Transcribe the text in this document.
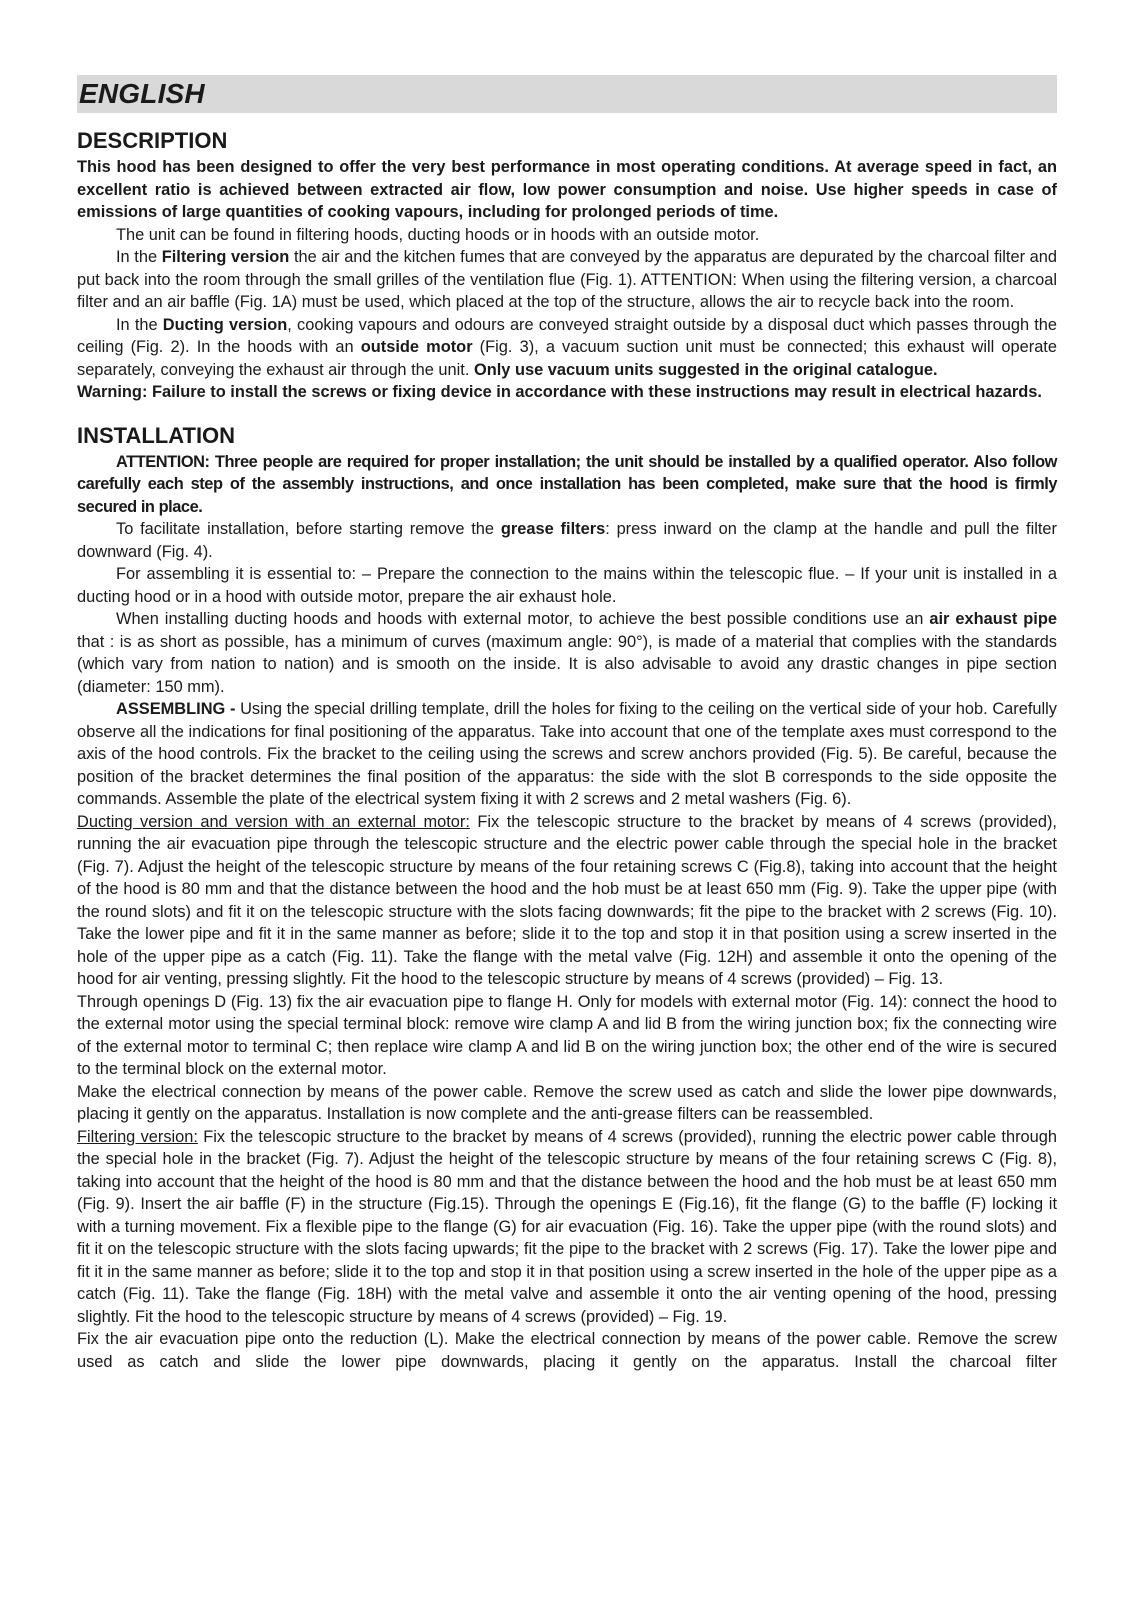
ENGLISH
DESCRIPTION

This hood has been designed to offer the very best performance in most operating conditions. At average speed in fact, an excellent ratio is achieved between extracted air flow, low power consumption and noise. Use higher speeds in case of emissions of large quantities of cooking vapours, including for prolonged periods of time.

The unit can be found in filtering hoods, ducting hoods or in hoods with an outside motor.

In the Filtering version the air and the kitchen fumes that are conveyed by the apparatus are depurated by the charcoal filter and put back into the room through the small grilles of the ventilation flue (Fig. 1). ATTENTION: When using the filtering version, a charcoal filter and an air baffle (Fig. 1A) must be used, which placed at the top of the structure, allows the air to recycle back into the room.

In the Ducting version, cooking vapours and odours are conveyed straight outside by a disposal duct which passes through the ceiling (Fig. 2). In the hoods with an outside motor (Fig. 3), a vacuum suction unit must be connected; this exhaust will operate separately, conveying the exhaust air through the unit. Only use vacuum units suggested in the original catalogue.

Warning: Failure to install the screws or fixing device in accordance with these instructions may result in electrical hazards.

INSTALLATION

ATTENTION: Three people are required for proper installation; the unit should be installed by a qualified operator. Also follow carefully each step of the assembly instructions, and once installation has been completed, make sure that the hood is firmly secured in place.

To facilitate installation, before starting remove the grease filters: press inward on the clamp at the handle and pull the filter downward (Fig. 4).

For assembling it is essential to: – Prepare the connection to the mains within the telescopic flue. – If your unit is installed in a ducting hood or in a hood with outside motor, prepare the air exhaust hole.

When installing ducting hoods and hoods with external motor, to achieve the best possible conditions use an air exhaust pipe that : is as short as possible, has a minimum of curves (maximum angle: 90°), is made of a material that complies with the standards (which vary from nation to nation) and is smooth on the inside. It is also advisable to avoid any drastic changes in pipe section (diameter: 150 mm).

ASSEMBLING - Using the special drilling template, drill the holes for fixing to the ceiling on the vertical side of your hob. Carefully observe all the indications for final positioning of the apparatus. Take into account that one of the template axes must correspond to the axis of the hood controls. Fix the bracket to the ceiling using the screws and screw anchors provided (Fig. 5). Be careful, because the position of the bracket determines the final position of the apparatus: the side with the slot B corresponds to the side opposite the commands. Assemble the plate of the electrical system fixing it with 2 screws and 2 metal washers (Fig. 6).

Ducting version and version with an external motor: Fix the telescopic structure to the bracket by means of 4 screws (provided), running the air evacuation pipe through the telescopic structure and the electric power cable through the special hole in the bracket (Fig. 7). Adjust the height of the telescopic structure by means of the four retaining screws C (Fig.8), taking into account that the height of the hood is 80 mm and that the distance between the hood and the hob must be at least 650 mm (Fig. 9). Take the upper pipe (with the round slots) and fit it on the telescopic structure with the slots facing downwards; fit the pipe to the bracket with 2 screws (Fig. 10). Take the lower pipe and fit it in the same manner as before; slide it to the top and stop it in that position using a screw inserted in the hole of the upper pipe as a catch (Fig. 11). Take the flange with the metal valve (Fig. 12H) and assemble it onto the opening of the hood for air venting, pressing slightly. Fit the hood to the telescopic structure by means of 4 screws (provided) – Fig. 13.

Through openings D (Fig. 13) fix the air evacuation pipe to flange H. Only for models with external motor (Fig. 14): connect the hood to the external motor using the special terminal block: remove wire clamp A and lid B from the wiring junction box; fix the connecting wire of the external motor to terminal C; then replace wire clamp A and lid B on the wiring junction box; the other end of the wire is secured to the terminal block on the external motor.

Make the electrical connection by means of the power cable. Remove the screw used as catch and slide the lower pipe downwards, placing it gently on the apparatus. Installation is now complete and the anti-grease filters can be reassembled.

Filtering version: Fix the telescopic structure to the bracket by means of 4 screws (provided), running the electric power cable through the special hole in the bracket (Fig. 7). Adjust the height of the telescopic structure by means of the four retaining screws C (Fig. 8), taking into account that the height of the hood is 80 mm and that the distance between the hood and the hob must be at least 650 mm (Fig. 9). Insert the air baffle (F) in the structure (Fig.15). Through the openings E (Fig.16), fit the flange (G) to the baffle (F) locking it with a turning movement. Fix a flexible pipe to the flange (G) for air evacuation (Fig. 16). Take the upper pipe (with the round slots) and fit it on the telescopic structure with the slots facing upwards; fit the pipe to the bracket with 2 screws (Fig. 17). Take the lower pipe and fit it in the same manner as before; slide it to the top and stop it in that position using a screw inserted in the hole of the upper pipe as a catch (Fig. 11). Take the flange (Fig. 18H) with the metal valve and assemble it onto the air venting opening of the hood, pressing slightly. Fit the hood to the telescopic structure by means of 4 screws (provided) – Fig. 19.

Fix the air evacuation pipe onto the reduction (L). Make the electrical connection by means of the power cable. Remove the screw used as catch and slide the lower pipe downwards, placing it gently on the apparatus. Install the charcoal filter
